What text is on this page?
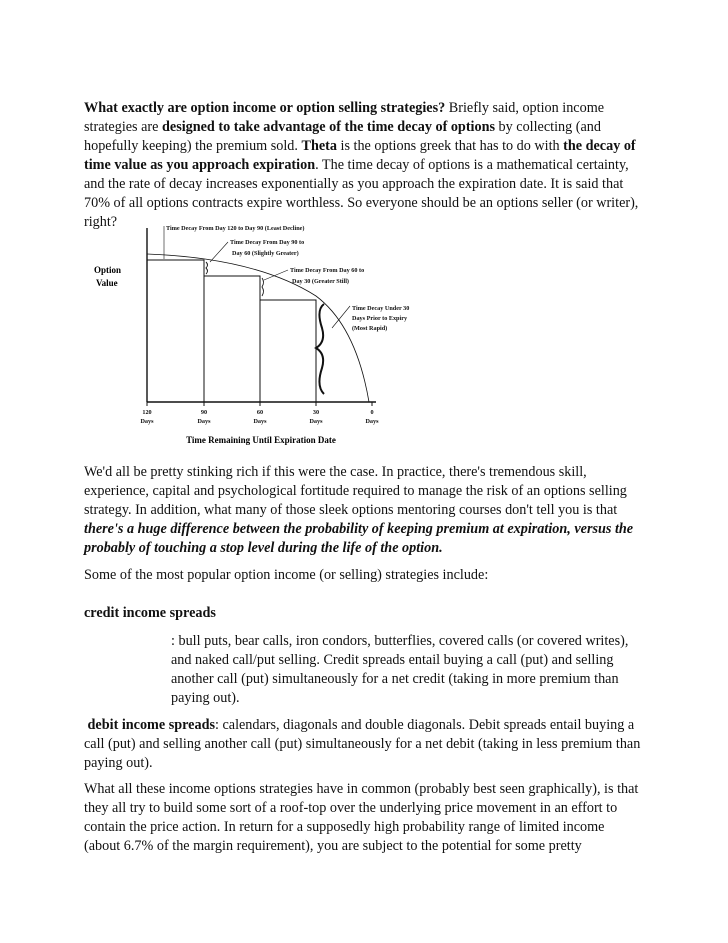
What exactly are option income or option selling strategies? Briefly said, option income strategies are designed to take advantage of the time decay of options by collecting (and hopefully keeping) the premium sold. Theta is the options greek that has to do with the decay of time value as you approach expiration. The time decay of options is a mathematical certainty, and the rate of decay increases exponentially as you approach the expiration date. It is said that 70% of all options contracts expire worthless. So everyone should be an options seller (or writer), right?

Option
Value
Time Decay From Day 120 to Day 90 (Least Decline)
Time Decay From Day 90 to
Day 60 (Slightly Greater)
Time Decay From Day 60 to
Day 30 (Greater Still)
Time Decay Under 30
Days Prior to Expiry
(Most Rapid)
120
Days
90
Days
60
Days
30
Days
0
Days
Time Remaining Until Expiration Date

We'd all be pretty stinking rich if this were the case. In practice, there's tremendous skill, experience, capital and psychological fortitude required to manage the risk of an options selling strategy. In addition, what many of those sleek options mentoring courses don't tell you is that there's a huge difference between the probability of keeping premium at expiration, versus the probably of touching a stop level during the life of the option.

Some of the most popular option income (or selling) strategies include:

credit income spreads

: bull puts, bear calls, iron condors, butterflies, covered calls (or covered writes), and naked call/put selling. Credit spreads entail buying a call (put) and selling another call (put) simultaneously for a net credit (taking in more premium than paying out).

debit income spreads: calendars, diagonals and double diagonals. Debit spreads entail buying a call (put) and selling another call (put) simultaneously for a net debit (taking in less premium than paying out).

What all these income options strategies have in common (probably best seen graphically), is that they all try to build some sort of a roof-top over the underlying price movement in an effort to contain the price action. In return for a supposedly high probability range of limited income (about 6.7% of the margin requirement), you are subject to the potential for some pretty
